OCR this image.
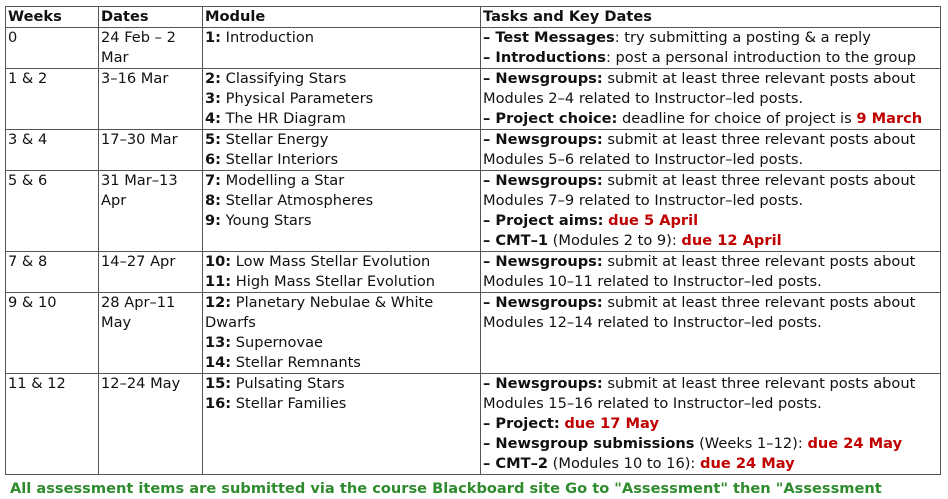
Weeks	Dates	Module	Tasks and Key Dates
0	24 Feb – 2 Mar	1: Introduction	– Test Messages: try submitting a posting & a reply
– Introductions: post a personal introduction to the group

1 & 2	3–16 Mar	2: Classifying Stars
3: Physical Parameters
4: The HR Diagram	– Newsgroups: submit at least three relevant posts about Modules 2–4 related to Instructor–led posts.
– Project choice: deadline for choice of project is 9 March

3 & 4	17–30 Mar	5: Stellar Energy
6: Stellar Interiors	– Newsgroups: submit at least three relevant posts about Modules 5–6 related to Instructor–led posts.

5 & 6	31 Mar–13 Apr	7: Modelling a Star
8: Stellar Atmospheres
9: Young Stars	– Newsgroups: submit at least three relevant posts about Modules 7–9 related to Instructor–led posts.
– Project aims: due 5 April
– CMT–1 (Modules 2 to 9): due 12 April

7 & 8	14–27 Apr	10: Low Mass Stellar Evolution
11: High Mass Stellar Evolution	– Newsgroups: submit at least three relevant posts about Modules 10–11 related to Instructor–led posts.

9 & 10	28 Apr–11 May	12: Planetary Nebulae & White Dwarfs
13: Supernovae
14: Stellar Remnants	– Newsgroups: submit at least three relevant posts about Modules 12–14 related to Instructor–led posts.

11 & 12	12–24 May	15: Pulsating Stars
16: Stellar Families	– Newsgroups: submit at least three relevant posts about Modules 15–16 related to Instructor–led posts.
– Project: due 17 May
– Newsgroup submissions (Weeks 1–12): due 24 May
– CMT–2 (Modules 10 to 16): due 24 May
All assessment items are submitted via the course Blackboard site Go to "Assessment" then "Assessment
